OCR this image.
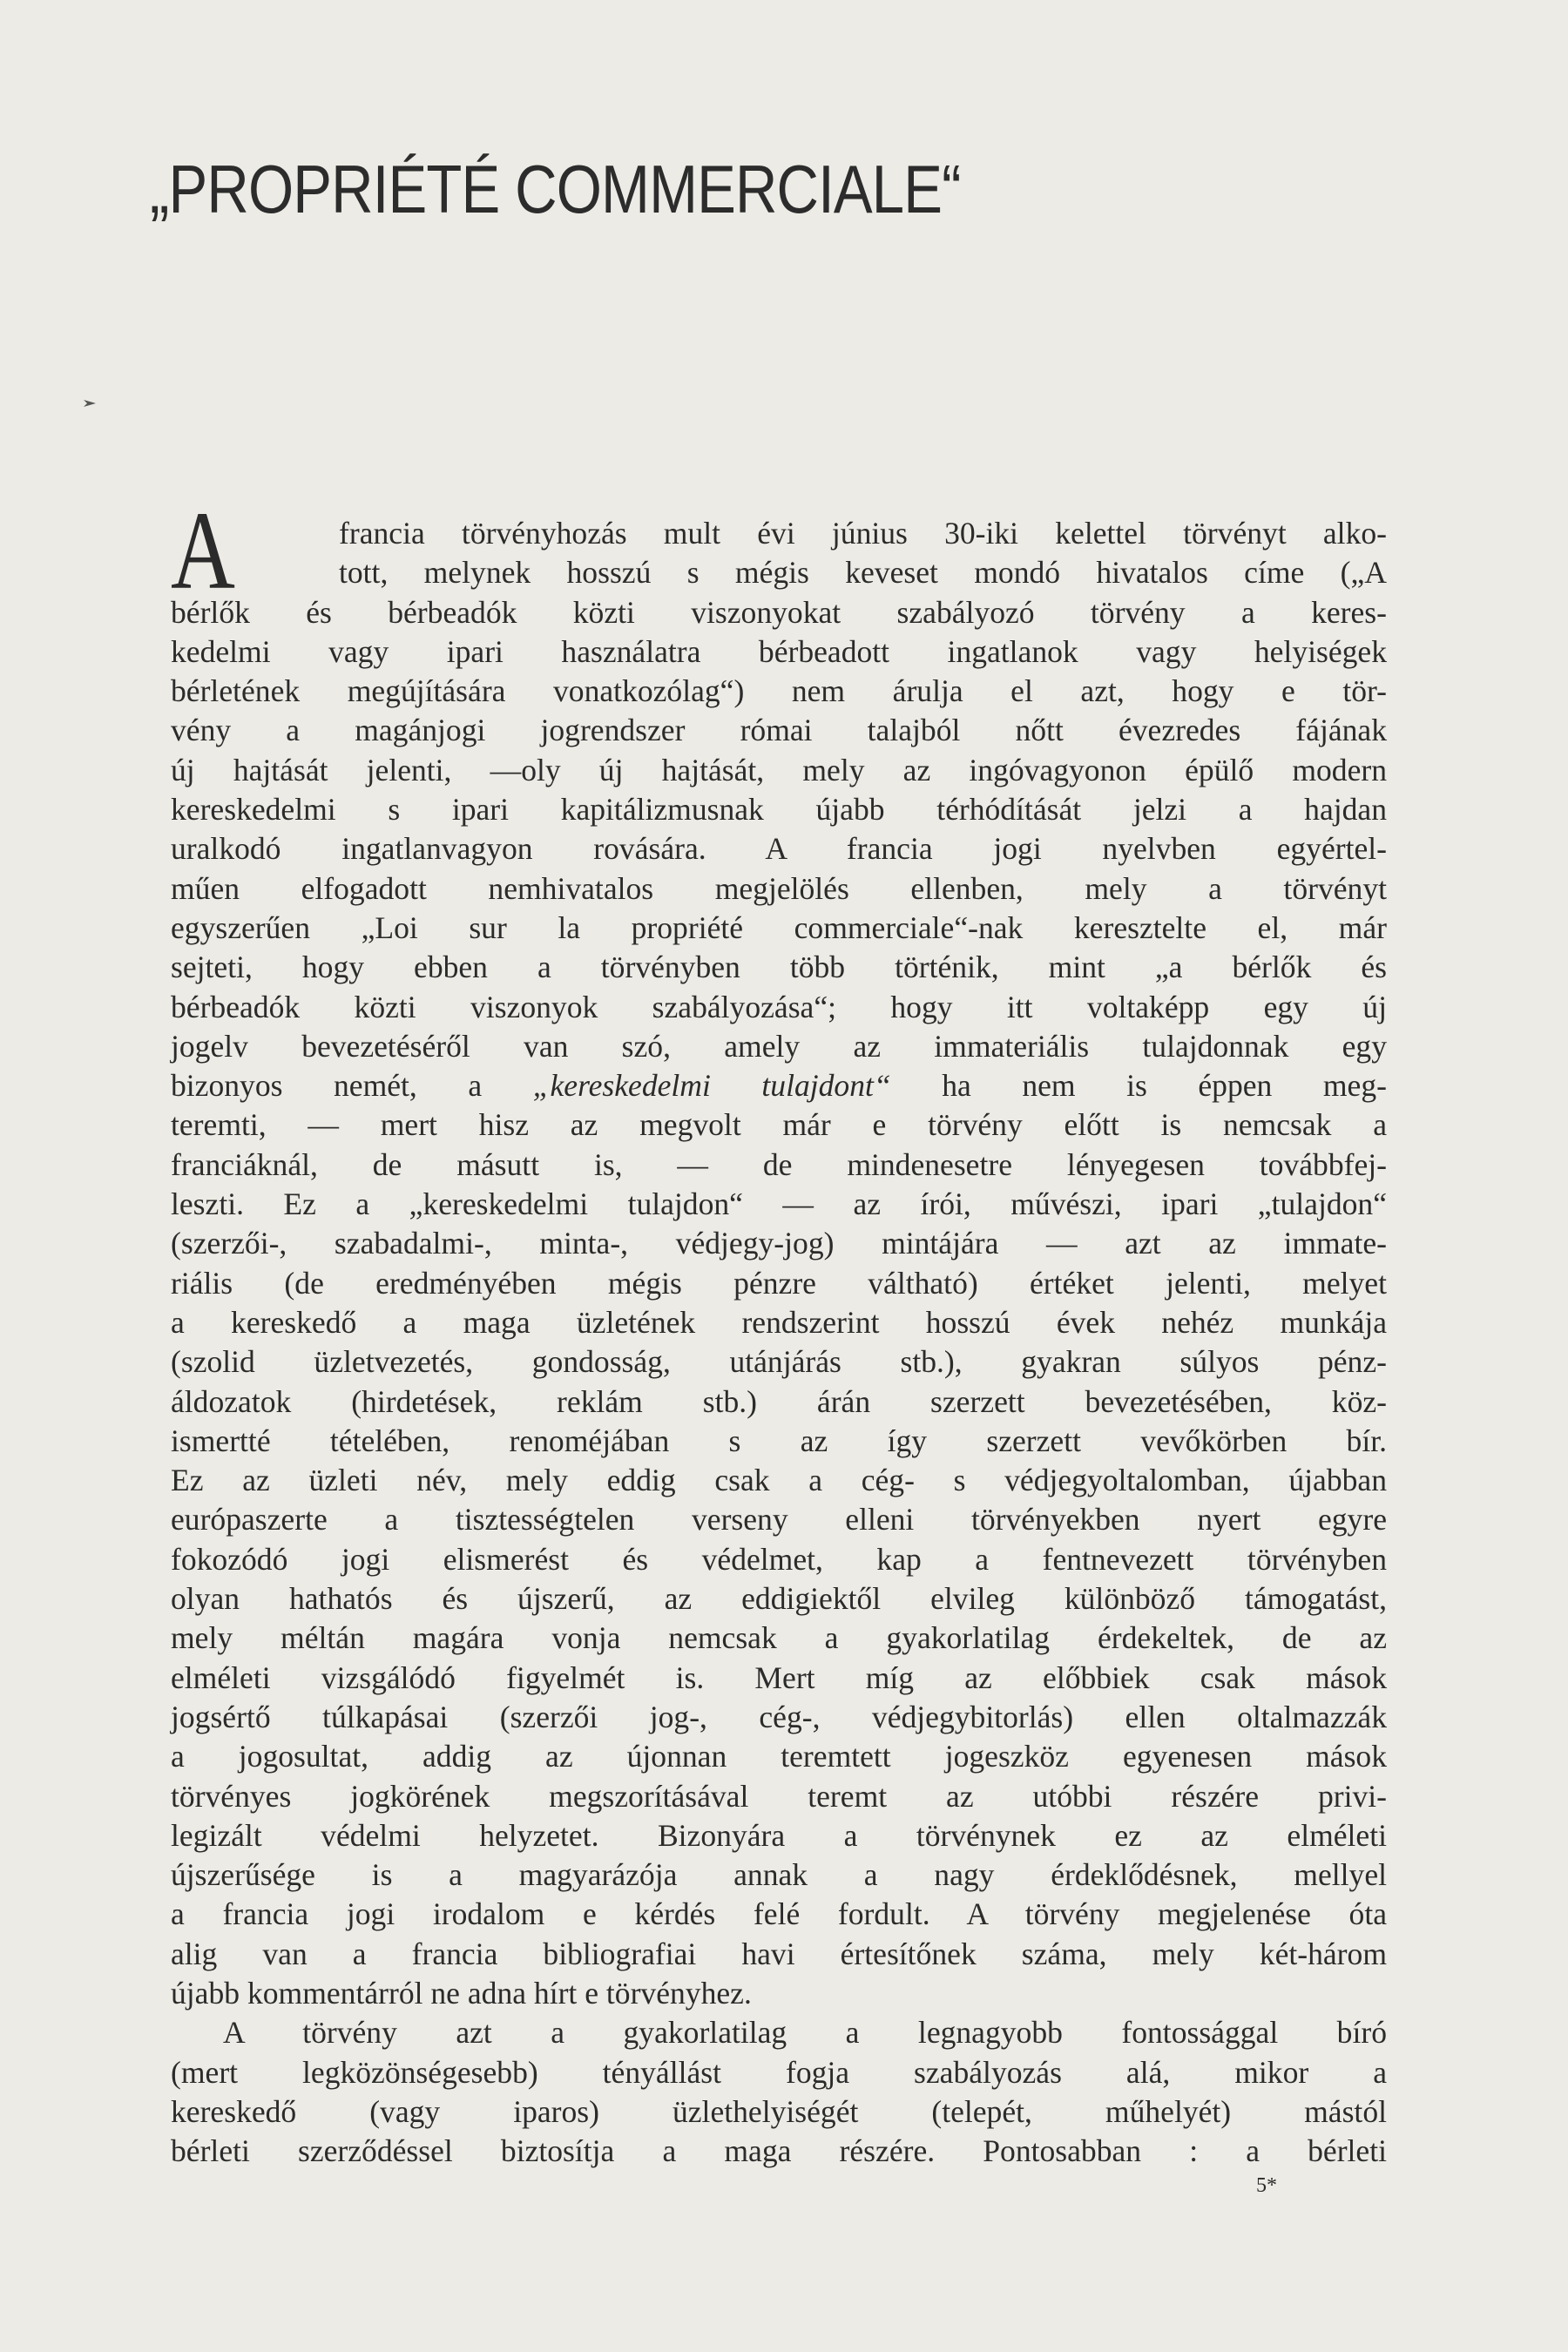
„PROPRIÉTÉ COMMERCIALE“
A	francia törvényhozás mult évi június 30-iki kelettel törvényt alko-
tott, melynek hosszú s mégis keveset mondó hivatalos címe („A
bérlők és bérbeadók közti viszonyokat szabályozó törvény a keres-
kedelmi vagy ipari használatra bérbeadott ingatlanok vagy helyiségek
bérletének megújítására vonatkozólag“) nem árulja el azt, hogy e tör-
vény a magánjogi jogrendszer római talajból nőtt évezredes fájának
új hajtását jelenti, —oly új hajtását, mely az ingóvagyonon épülő modern
kereskedelmi s ipari kapitálizmusnak újabb térhódítását jelzi a hajdan
uralkodó ingatlanvagyon rovására. A francia jogi nyelvben egyértel-
műen elfogadott nemhivatalos megjelölés ellenben, mely a törvényt
egyszerűen „Loi sur la propriété commerciale“-nak keresztelte el, már
sejteti, hogy ebben a törvényben több történik, mint „a bérlők és
bérbeadók közti viszonyok szabályozása“; hogy itt voltaképp egy új
jogelv bevezetéséről van szó, amely az immateriális tulajdonnak egy
bizonyos nemét, a „kereskedelmi tulajdont“ ha nem is éppen meg-
teremti, — mert hisz az megvolt már e törvény előtt is nemcsak a
franciáknál, de másutt is, — de mindenesetre lényegesen továbbfej-
leszti. Ez a „kereskedelmi tulajdon“ — az írói, művészi, ipari „tulajdon“
(szerzői-, szabadalmi-, minta-, védjegy-jog) mintájára — azt az immate-
riális (de eredményében mégis pénzre váltható) értéket jelenti, melyet
a kereskedő a maga üzletének rendszerint hosszú évek nehéz munkája
(szolid üzletvezetés, gondosság, utánjárás stb.), gyakran súlyos pénz-
áldozatok (hirdetések, reklám stb.) árán szerzett bevezetésében, köz-
ismertté tételében, renoméjában s az így szerzett vevőkörben bír.
Ez az üzleti név, mely eddig csak a cég- s védjegyoltalomban, újabban
európaszerte a tisztességtelen verseny elleni törvényekben nyert egyre
fokozódó jogi elismerést és védelmet, kap a fentnevezett törvényben
olyan hathatós és újszerű, az eddigiektől elvileg különböző támogatást,
mely méltán magára vonja nemcsak a gyakorlatilag érdekeltek, de az
elméleti vizsgálódó figyelmét is. Mert míg az előbbiek csak mások
jogsértő túlkapásai (szerzői jog-, cég-, védjegybitorlás) ellen oltalmazzák
a jogosultat, addig az újonnan teremtett jogeszköz egyenesen mások
törvényes jogkörének megszorításával teremt az utóbbi részére privi-
legizált védelmi helyzetet. Bizonyára a törvénynek ez az elméleti
újszerűsége is a magyarázója annak a nagy érdeklődésnek, mellyel
a francia jogi irodalom e kérdés felé fordult. A törvény megjelenése óta
alig van a francia bibliografiai havi értesítőnek száma, mely két-három
újabb kommentárról ne adna hírt e törvényhez.
A törvény azt a gyakorlatilag a legnagyobb fontossággal bíró
(mert legközönségesebb) tényállást fogja szabályozás alá, mikor a
kereskedő (vagy iparos) üzlethelyiségét (telepét, műhelyét) mástól
bérleti szerződéssel biztosítja a maga részére. Pontosabban : a bérleti
5*
